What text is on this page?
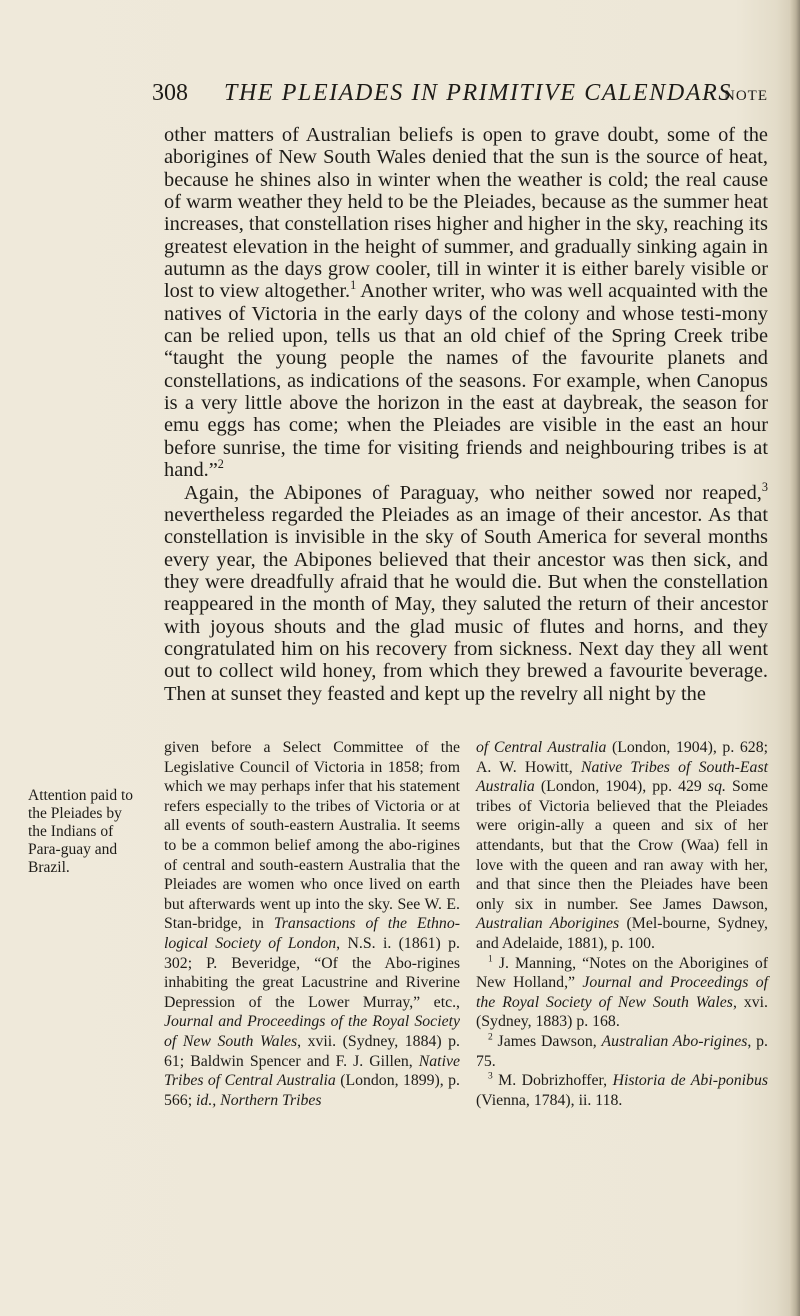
308 THE PLEIADES IN PRIMITIVE CALENDARS
NOTE

other matters of Australian beliefs is open to grave doubt, some of the aborigines of New South Wales denied that the sun is the source of heat, because he shines also in winter when the weather is cold; the real cause of warm weather they held to be the Pleiades, because as the summer heat increases, that constellation rises higher and higher in the sky, reaching its greatest elevation in the height of summer, and gradually sinking again in autumn as the days grow cooler, till in winter it is either barely visible or lost to view altogether.$^1$ Another writer, who was well acquainted with the natives of Victoria in the early days of the colony and whose testi-mony can be relied upon, tells us that an old chief of the Spring Creek tribe “taught the young people the names of the favourite planets and constellations, as indications of the seasons. For example, when Canopus is a very little above the horizon in the east at daybreak, the season for emu eggs has come; when the Pleiades are visible in the east an hour before sunrise, the time for visiting friends and neighbouring tribes is at hand.”$^2$

Again, the Abipones of Paraguay, who neither sowed nor reaped,$^3$ nevertheless regarded the Pleiades as an image of their ancestor. As that constellation is invisible in the sky of South America for several months every year, the Abipones believed that their ancestor was then sick, and they were dreadfully afraid that he would die. But when the constellation reappeared in the month of May, they saluted the return of their ancestor with joyous shouts and the glad music of flutes and horns, and they congratulated him on his recovery from sickness. Next day they all went out to collect wild honey, from which they brewed a favourite beverage. Then at sunset they feasted and kept up the revelry all night by the

Attention paid to the Pleiades by the Indians of Para-guay and Brazil.

given before a Select Committee of the Legislative Council of Victoria in 1858; from which we may perhaps infer that his statement refers especially to the tribes of Victoria or at all events of south-eastern Australia. It seems to be a common belief among the abo-rigines of central and south-eastern Australia that the Pleiades are women who once lived on earth but afterwards went up into the sky. See W. E. Stan-bridge, in Transactions of the Ethno-logical Society of London, N.S. i. (1861) p. 302; P. Beveridge, “Of the Abo-rigines inhabiting the great Lacustrine and Riverine Depression of the Lower Murray,” etc., Journal and Proceedings of the Royal Society of New South Wales, xvii. (Sydney, 1884) p. 61; Baldwin Spencer and F. J. Gillen, Native Tribes of Central Australia (London, 1899), p. 566; id., Northern Tribes

of Central Australia (London, 1904), p. 628; A. W. Howitt, Native Tribes of South-East Australia (London, 1904), pp. 429 sq. Some tribes of Victoria believed that the Pleiades were origin-ally a queen and six of her attendants, but that the Crow (Waa) fell in love with the queen and ran away with her, and that since then the Pleiades have been only six in number. See James Dawson, Australian Aborigines (Mel-bourne, Sydney, and Adelaide, 1881), p. 100.

$^1$ J. Manning, “Notes on the Aborigines of New Holland,” Journal and Proceedings of the Royal Society of New South Wales, xvi. (Sydney, 1883) p. 168.

$^2$ James Dawson, Australian Abo-rigines, p. 75.

$^3$ M. Dobrizhoffer, Historia de Abi-ponibus (Vienna, 1784), ii. 118.
